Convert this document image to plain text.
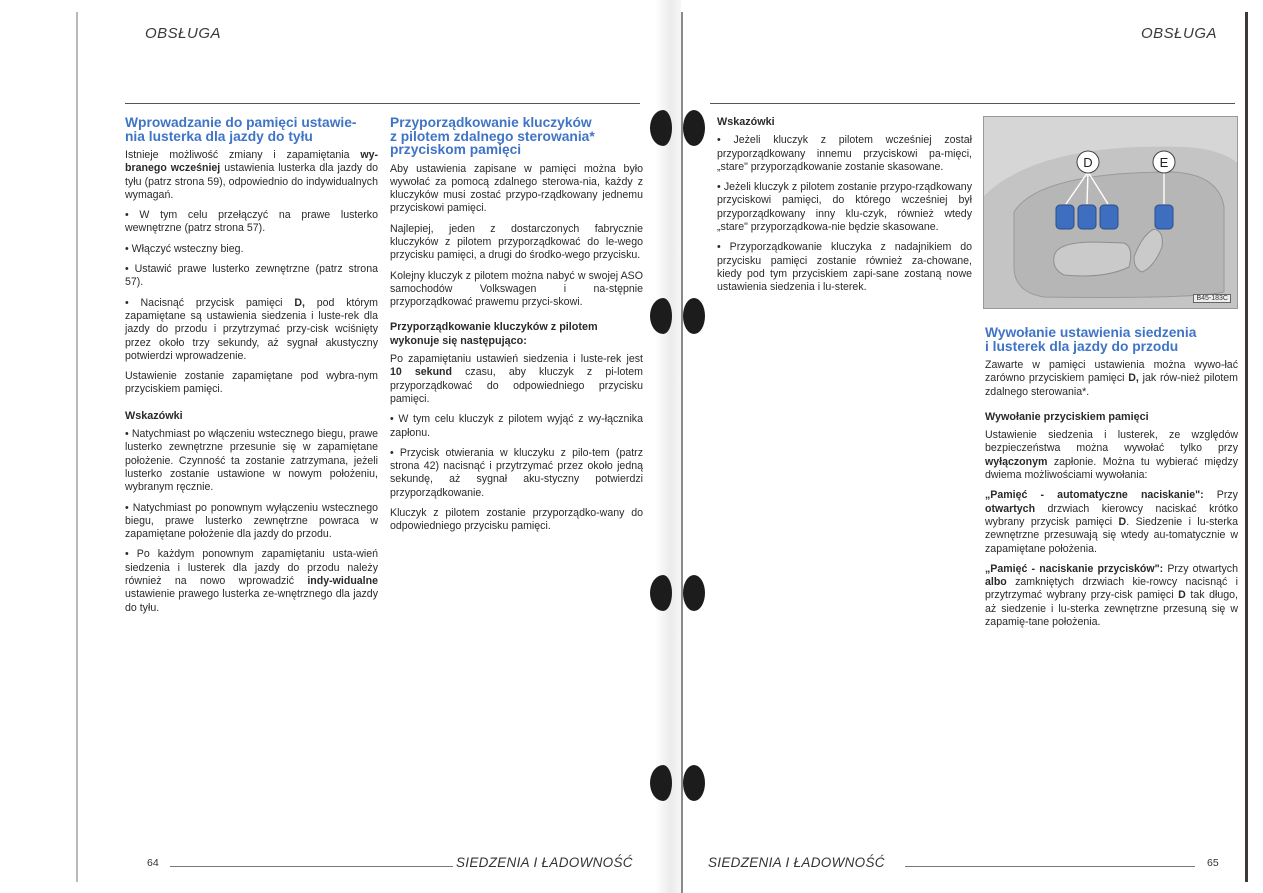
OBSŁUGA
Wprowadzanie do pamięci ustawie-
nia lusterka dla jazdy do tyłu

Istnieje możliwość zmiany i zapamiętania wy-branego wcześniej ustawienia lusterka dla jazdy do tyłu (patrz strona 59), odpowiednio do indywidualnych wymagań.

• W tym celu przełączyć na prawe lusterko wewnętrzne (patrz strona 57).

• Włączyć wsteczny bieg.

• Ustawić prawe lusterko zewnętrzne (patrz strona 57).

• Nacisnąć przycisk pamięci D, pod którym zapamiętane są ustawienia siedzenia i luste-rek dla jazdy do przodu i przytrzymać przy-cisk wciśnięty przez około trzy sekundy, aż sygnał akustyczny potwierdzi wprowadzenie.

Ustawienie zostanie zapamiętane pod wybra-nym przyciskiem pamięci.

Wskazówki

• Natychmiast po włączeniu wstecznego biegu, prawe lusterko zewnętrzne przesunie się w zapamiętane położenie. Czynność ta zostanie zatrzymana, jeżeli lusterko zostanie ustawione w nowym położeniu, wybranym ręcznie.

• Natychmiast po ponownym wyłączeniu wstecznego biegu, prawe lusterko zewnętrzne powraca w zapamiętane położenie dla jazdy do przodu.

• Po każdym ponownym zapamiętaniu usta-wień siedzenia i lusterek dla jazdy do przodu należy również na nowo wprowadzić indy-widualne ustawienie prawego lusterka ze-wnętrznego dla jazdy do tyłu.

Przyporządkowanie kluczyków
z pilotem zdalnego sterowania*
przyciskom pamięci

Aby ustawienia zapisane w pamięci można było wywołać za pomocą zdalnego sterowa-nia, każdy z kluczyków musi zostać przypo-rządkowany jednemu przyciskowi pamięci.

Najlepiej, jeden z dostarczonych fabrycznie kluczyków z pilotem przyporządkować do le-wego przycisku pamięci, a drugi do środko-wego przycisku.

Kolejny kluczyk z pilotem można nabyć w swojej ASO samochodów Volkswagen i na-stępnie przyporządkować prawemu przyci-skowi.

Przyporządkowanie kluczyków z pilotem wykonuje się następująco:

Po zapamiętaniu ustawień siedzenia i luste-rek jest 10 sekund czasu, aby kluczyk z pi-lotem przyporządkować do odpowiedniego przycisku pamięci.

• W tym celu kluczyk z pilotem wyjąć z wy-łącznika zapłonu.

• Przycisk otwierania w kluczyku z pilo-tem (patrz strona 42) nacisnąć i przytrzymać przez około jedną sekundę, aż sygnał aku-styczny potwierdzi przyporządkowanie.

Kluczyk z pilotem zostanie przyporządko-wany do odpowiedniego przycisku pamięci.

64	SIEDZENIA I ŁADOWNOŚĆ
OBSŁUGA
Wskazówki

• Jeżeli kluczyk z pilotem wcześniej został przyporządkowany innemu przyciskowi pa-mięci, „stare" przyporządkowanie zostanie skasowane.

• Jeżeli kluczyk z pilotem zostanie przypo-rządkowany przyciskowi pamięci, do którego wcześniej był przyporządkowany inny klu-czyk, również wtedy „stare" przyporządkowa-nie będzie skasowane.

• Przyporządkowanie kluczyka z nadajnikiem do przycisku pamięci zostanie również za-chowane, kiedy pod tym przyciskiem zapi-sane zostaną nowe ustawienia siedzenia i lu-sterek.

D	E
B45-183C
Wywołanie ustawienia siedzenia
i lusterek dla jazdy do przodu

Zawarte w pamięci ustawienia można wywo-łać zarówno przyciskiem pamięci D, jak rów-nież pilotem zdalnego sterowania*.

Wywołanie przyciskiem pamięci

Ustawienie siedzenia i lusterek, ze względów bezpieczeństwa można wywołać tylko przy wyłączonym zapłonie. Można tu wybierać między dwiema możliwościami wywołania:

„Pamięć - automatyczne naciskanie": Przy otwartych drzwiach kierowcy naciskać krótko wybrany przycisk pamięci D. Siedzenie i lu-sterka zewnętrzne przesuwają się wtedy au-tomatycznie w zapamiętane położenia.

„Pamięć - naciskanie przycisków": Przy otwartych albo zamkniętych drzwiach kie-rowcy nacisnąć i przytrzymać wybrany przy-cisk pamięci D tak długo, aż siedzenie i lu-sterka zewnętrzne przesuną się w zapamię-tane położenia.

SIEDZENIA I ŁADOWNOŚĆ	65
